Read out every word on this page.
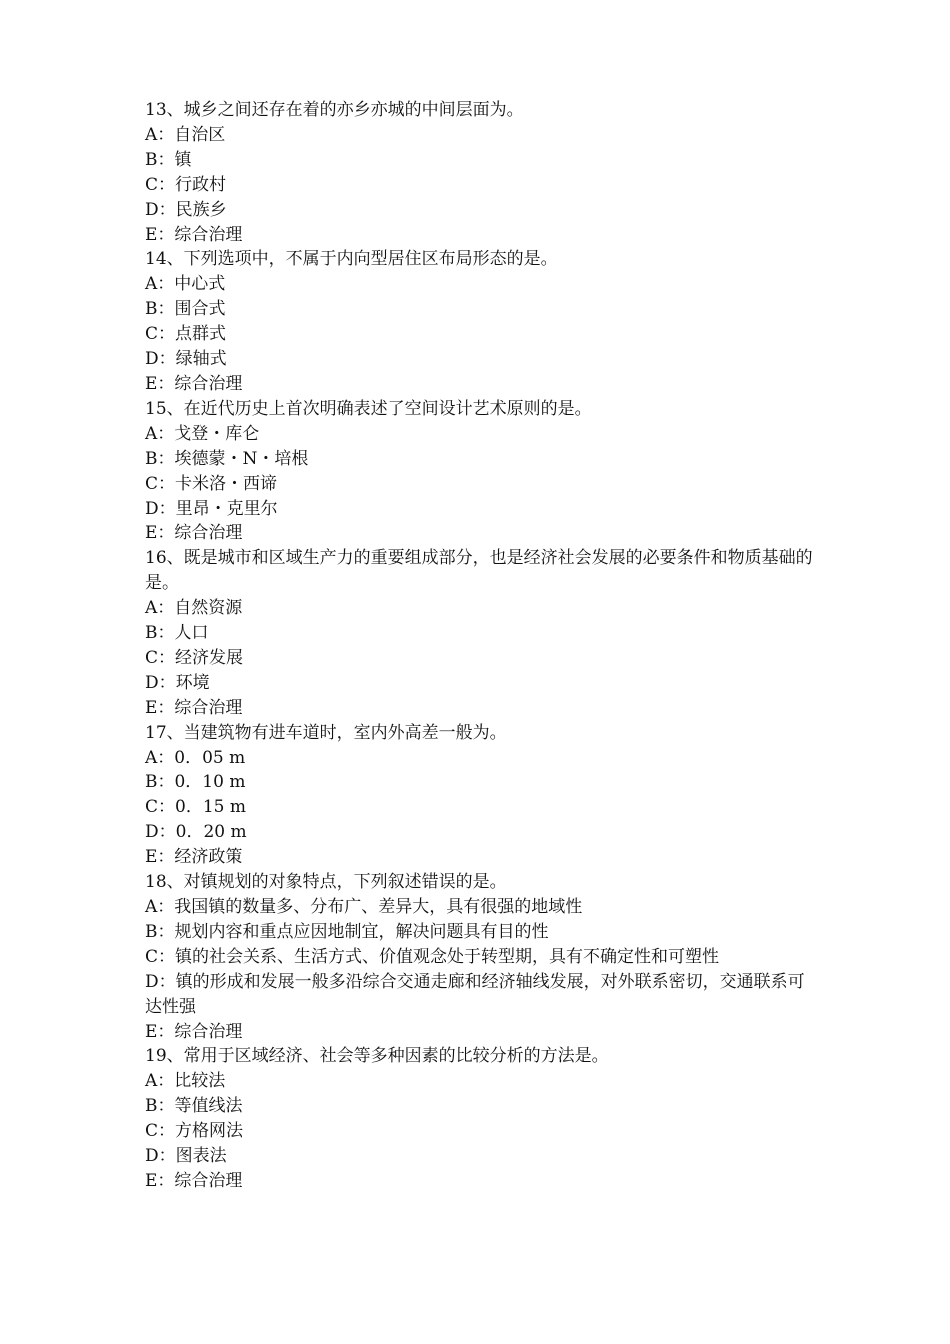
13、城乡之间还存在着的亦乡亦城的中间层面为。

A：自治区

B：镇

C：行政村

D：民族乡

E：综合治理

14、下列选项中，不属于内向型居住区布局形态的是。

A：中心式

B：围合式

C：点群式

D：绿轴式

E：综合治理

15、在近代历史上首次明确表述了空间设计艺术原则的是。

A：戈登・库仑

B：埃德蒙・N・培根

C：卡米洛・西谛

D：里昂・克里尔

E：综合治理

16、既是城市和区域生产力的重要组成部分，也是经济社会发展的必要条件和物质基础的是。

A：自然资源

B：人口

C：经济发展

D：环境

E：综合治理

17、当建筑物有进车道时，室内外高差一般为。

A：0．05 m

B：0．10 m

C：0．15 m

D：0．20 m

E：经济政策

18、对镇规划的对象特点，下列叙述错误的是。

A：我国镇的数量多、分布广、差异大，具有很强的地域性

B：规划内容和重点应因地制宜，解决问题具有目的性

C：镇的社会关系、生活方式、价值观念处于转型期，具有不确定性和可塑性

D：镇的形成和发展一般多沿综合交通走廊和经济轴线发展，对外联系密切，交通联系可达性强

E：综合治理

19、常用于区域经济、社会等多种因素的比较分析的方法是。

A：比较法

B：等值线法

C：方格网法

D：图表法

E：综合治理
